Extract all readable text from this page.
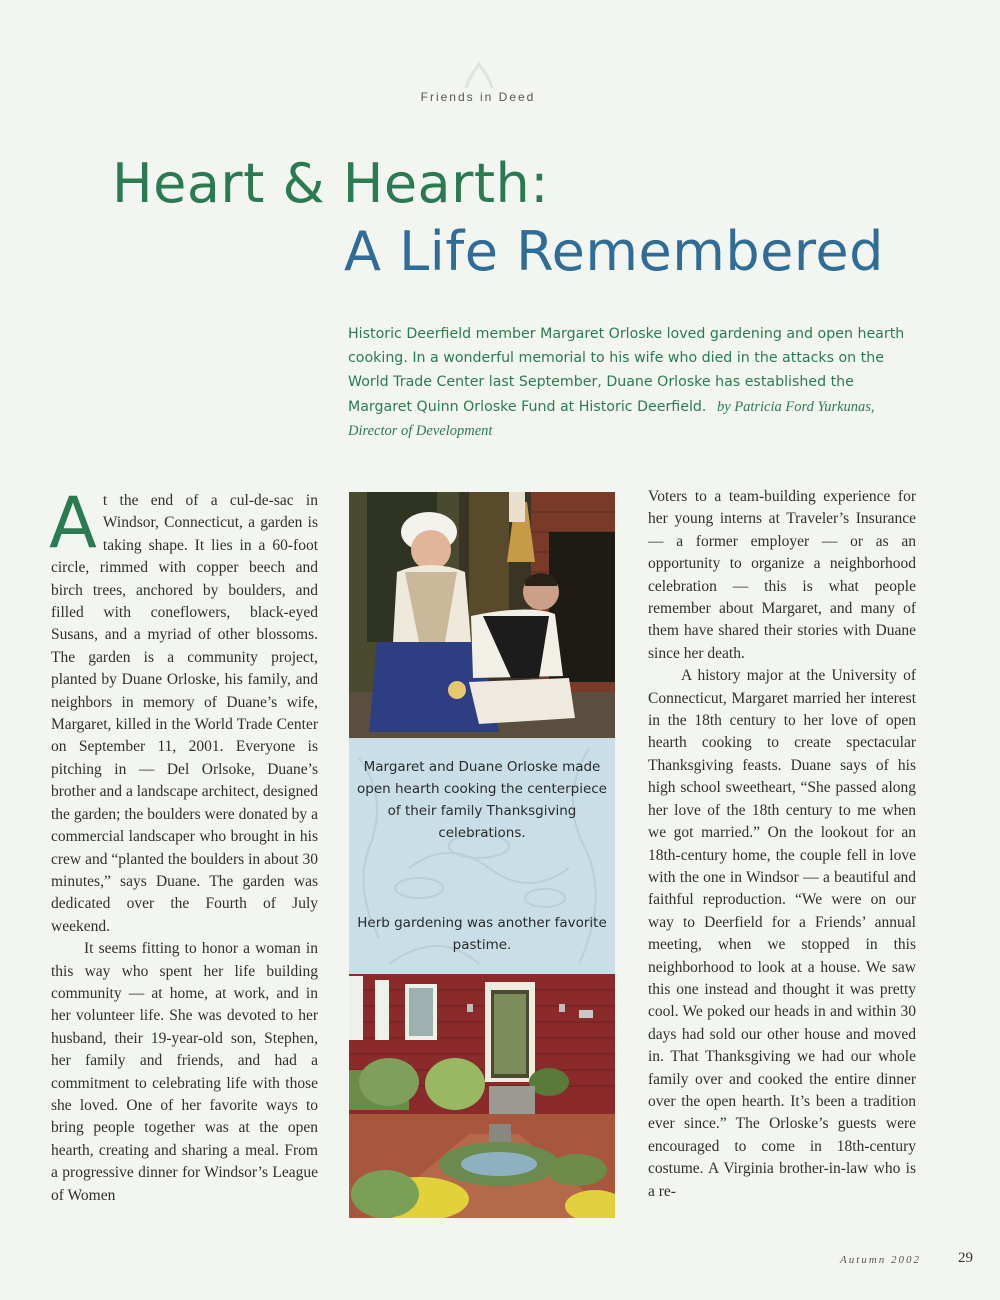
Friends in Deed
Heart & Hearth:
A Life Remembered
Historic Deerfield member Margaret Orloske loved gardening and open hearth cooking. In a wonderful memorial to his wife who died in the attacks on the World Trade Center last September, Duane Orloske has established the Margaret Quinn Orloske Fund at Historic Deerfield. by Patricia Ford Yurkunas, Director of Development

At the end of a cul-de-sac in Windsor, Connecticut, a garden is taking shape. It lies in a 60-foot circle, rimmed with copper beech and birch trees, anchored by boulders, and filled with coneflowers, black-eyed Susans, and a myriad of other blossoms. The garden is a community project, planted by Duane Orloske, his family, and neighbors in memory of Duane’s wife, Margaret, killed in the World Trade Center on September 11, 2001. Everyone is pitching in — Del Orlsoke, Duane’s brother and a landscape architect, designed the garden; the boulders were donated by a commercial landscaper who brought in his crew and “planted the boulders in about 30 minutes,” says Duane. The garden was dedicated over the Fourth of July weekend.

It seems fitting to honor a woman in this way who spent her life building community — at home, at work, and in her volunteer life. She was devoted to her husband, their 19-year-old son, Stephen, her family and friends, and had a commitment to celebrating life with those she loved. One of her favorite ways to bring people together was at the open hearth, creating and sharing a meal. From a progressive dinner for Windsor’s League of Women

Margaret and Duane Orloske made open hearth cooking the centerpiece of their family Thanksgiving celebrations.
Herb gardening was another favorite pastime.

Voters to a team-building experience for her young interns at Traveler’s Insurance — a former employer — or as an opportunity to organize a neighborhood celebration — this is what people remember about Margaret, and many of them have shared their stories with Duane since her death.

A history major at the University of Connecticut, Margaret married her interest in the 18th century to her love of open hearth cooking to create spectacular Thanksgiving feasts. Duane says of his high school sweetheart, “She passed along her love of the 18th century to me when we got married.” On the lookout for an 18th-century home, the couple fell in love with the one in Windsor — a beautiful and faithful reproduction. “We were on our way to Deerfield for a Friends’ annual meeting, when we stopped in this neighborhood to look at a house. We saw this one instead and thought it was pretty cool. We poked our heads in and within 30 days had sold our other house and moved in. That Thanksgiving we had our whole family over and cooked the entire dinner over the open hearth. It’s been a tradition ever since.” The Orloske’s guests were encouraged to come in 18th-century costume. A Virginia brother-in-law who is a re-

Autumn 2002 29
